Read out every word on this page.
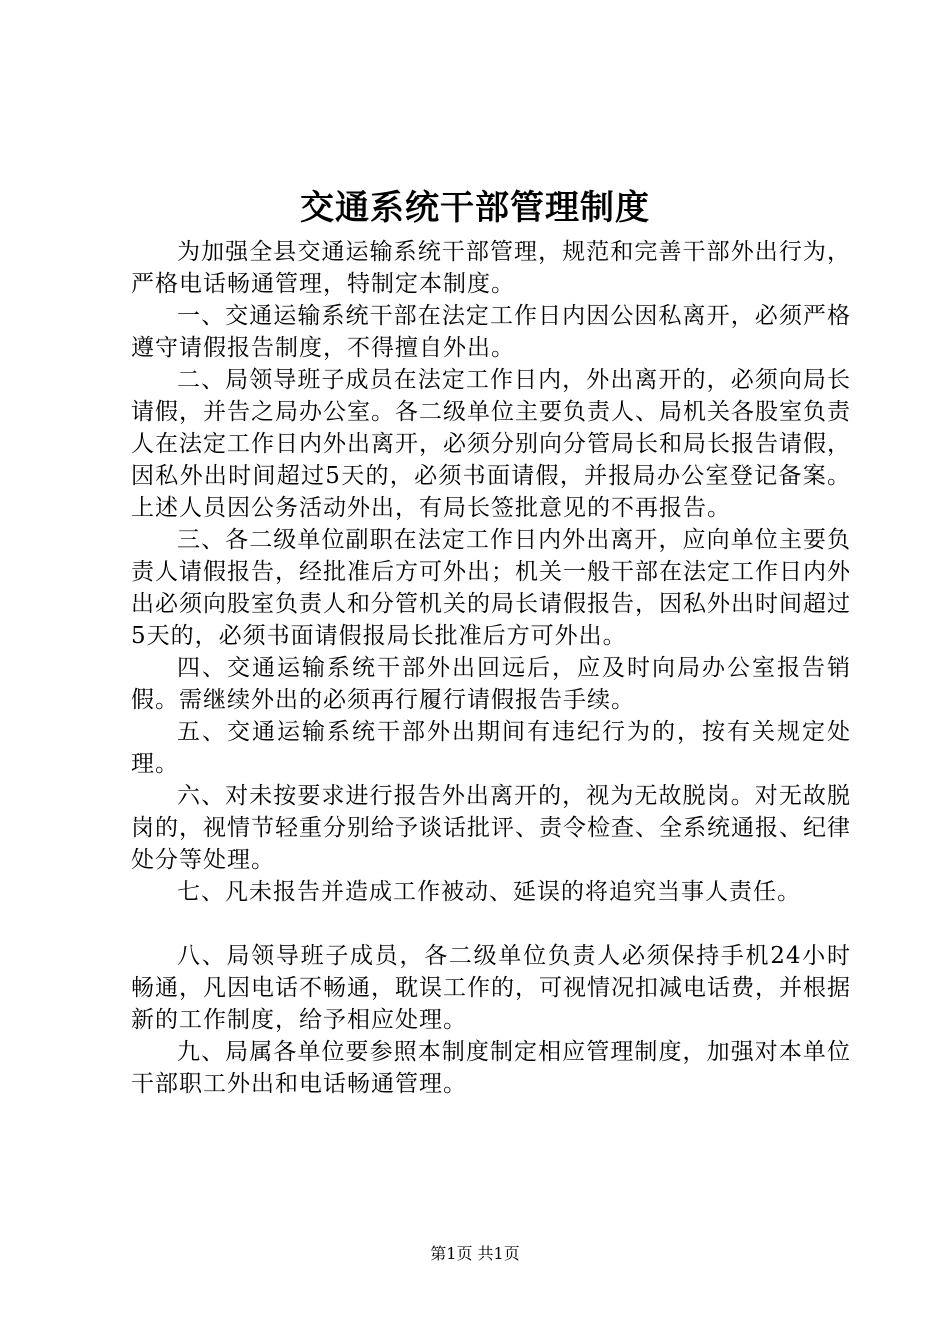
交通系统干部管理制度

为加强全县交通运输系统干部管理，规范和完善干部外出行为，严格电话畅通管理，特制定本制度。

一、交通运输系统干部在法定工作日内因公因私离开，必须严格遵守请假报告制度，不得擅自外出。

二、局领导班子成员在法定工作日内，外出离开的，必须向局长请假，并告之局办公室。各二级单位主要负责人、局机关各股室负责人在法定工作日内外出离开，必须分别向分管局长和局长报告请假，因私外出时间超过5天的，必须书面请假，并报局办公室登记备案。上述人员因公务活动外出，有局长签批意见的不再报告。

三、各二级单位副职在法定工作日内外出离开，应向单位主要负责人请假报告，经批准后方可外出；机关一般干部在法定工作日内外出必须向股室负责人和分管机关的局长请假报告，因私外出时间超过5天的，必须书面请假报局长批准后方可外出。

四、交通运输系统干部外出回远后，应及时向局办公室报告销假。需继续外出的必须再行履行请假报告手续。

五、交通运输系统干部外出期间有违纪行为的，按有关规定处理。

六、对未按要求进行报告外出离开的，视为无故脱岗。对无故脱岗的，视情节轻重分别给予谈话批评、责令检查、全系统通报、纪律处分等处理。

七、凡未报告并造成工作被动、延误的将追究当事人责任。

八、局领导班子成员，各二级单位负责人必须保持手机24小时畅通，凡因电话不畅通，耽误工作的，可视情况扣减电话费，并根据新的工作制度，给予相应处理。

九、局属各单位要参照本制度制定相应管理制度，加强对本单位干部职工外出和电话畅通管理。

第1页 共1页
